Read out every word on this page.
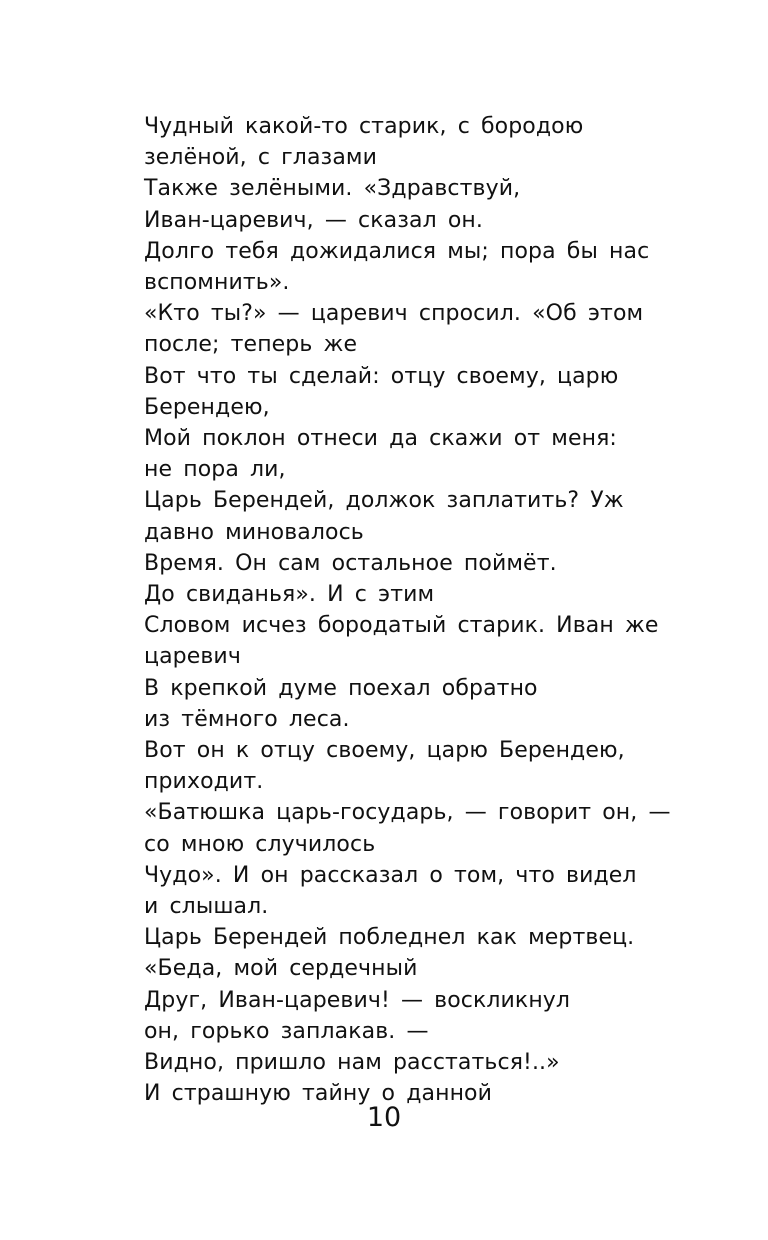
Чудный какой-то старик, с бородою

зелёной, с глазами

Также зелёными. «Здравствуй,

Иван-царевич, — сказал он.

Долго тебя дожидалися мы; пора бы нас

вспомнить».

«Кто ты?» — царевич спросил. «Об этом

после; теперь же

Вот что ты сделай: отцу своему, царю

Берендею,

Мой поклон отнеси да скажи от меня:

не пора ли,

Царь Берендей, должок заплатить? Уж

давно миновалось

Время. Он сам остальное поймёт.

До свиданья». И с этим

Словом исчез бородатый старик. Иван же

царевич

В крепкой думе поехал обратно

из тёмного леса.

Вот он к отцу своему, царю Берендею,

приходит.

«Батюшка царь-государь, — говорит он, —

со мною случилось

Чудо». И он рассказал о том, что видел

и слышал.

Царь Берендей побледнел как мертвец.

«Беда, мой сердечный

Друг, Иван-царевич! — воскликнул

он, горько заплакав. —

Видно, пришло нам расстаться!..»

И страшную тайну о данной

10
